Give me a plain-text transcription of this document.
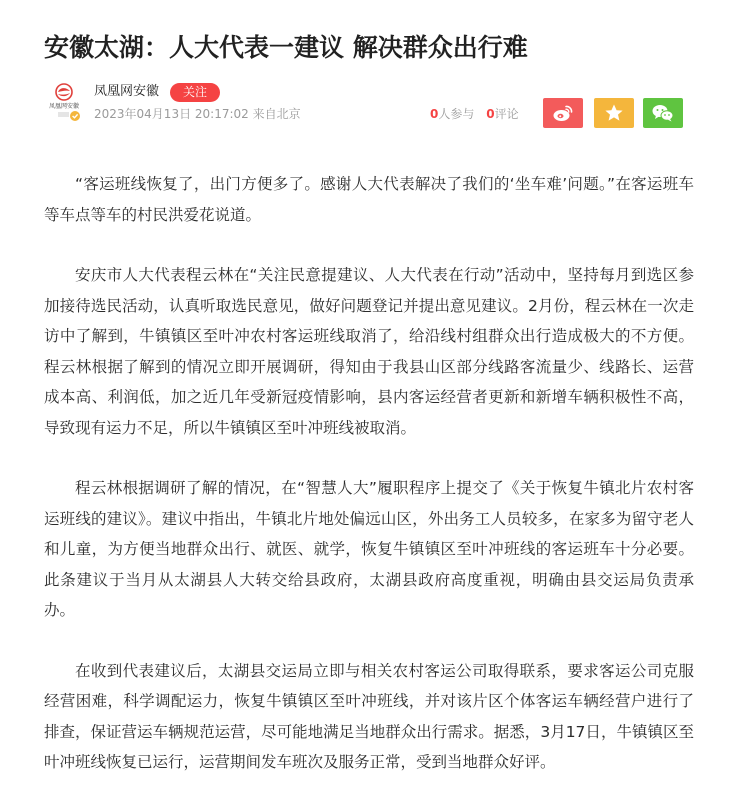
安徽太湖：人大代表一建议 解决群众出行难
凤凰网安徽
凤凰网安徽	关注
2023年04月13日 20:17:02 来自北京	0人参与 0评论

“客运班线恢复了，出门方便多了。感谢人大代表解决了我们的‘坐车难’问题。”在客运班车等车点等车的村民洪爱花说道。

安庆市人大代表程云林在“关注民意提建议、人大代表在行动”活动中，坚持每月到选区参加接待选民活动，认真听取选民意见，做好问题登记并提出意见建议。2月份，程云林在一次走访中了解到，牛镇镇区至叶冲农村客运班线取消了，给沿线村组群众出行造成极大的不方便。程云林根据了解到的情况立即开展调研，得知由于我县山区部分线路客流量少、线路长、运营成本高、利润低，加之近几年受新冠疫情影响，县内客运经营者更新和新增车辆积极性不高，导致现有运力不足，所以牛镇镇区至叶冲班线被取消。

程云林根据调研了解的情况，在“智慧人大”履职程序上提交了《关于恢复牛镇北片农村客运班线的建议》。建议中指出，牛镇北片地处偏远山区，外出务工人员较多，在家多为留守老人和儿童，为方便当地群众出行、就医、就学，恢复牛镇镇区至叶冲班线的客运班车十分必要。此条建议于当月从太湖县人大转交给县政府，太湖县政府高度重视，明确由县交运局负责承办。

在收到代表建议后，太湖县交运局立即与相关农村客运公司取得联系，要求客运公司克服经营困难，科学调配运力，恢复牛镇镇区至叶冲班线，并对该片区个体客运车辆经营户进行了排查，保证营运车辆规范运营，尽可能地满足当地群众出行需求。据悉，3月17日，牛镇镇区至叶冲班线恢复已运行，运营期间发车班次及服务正常，受到当地群众好评。
